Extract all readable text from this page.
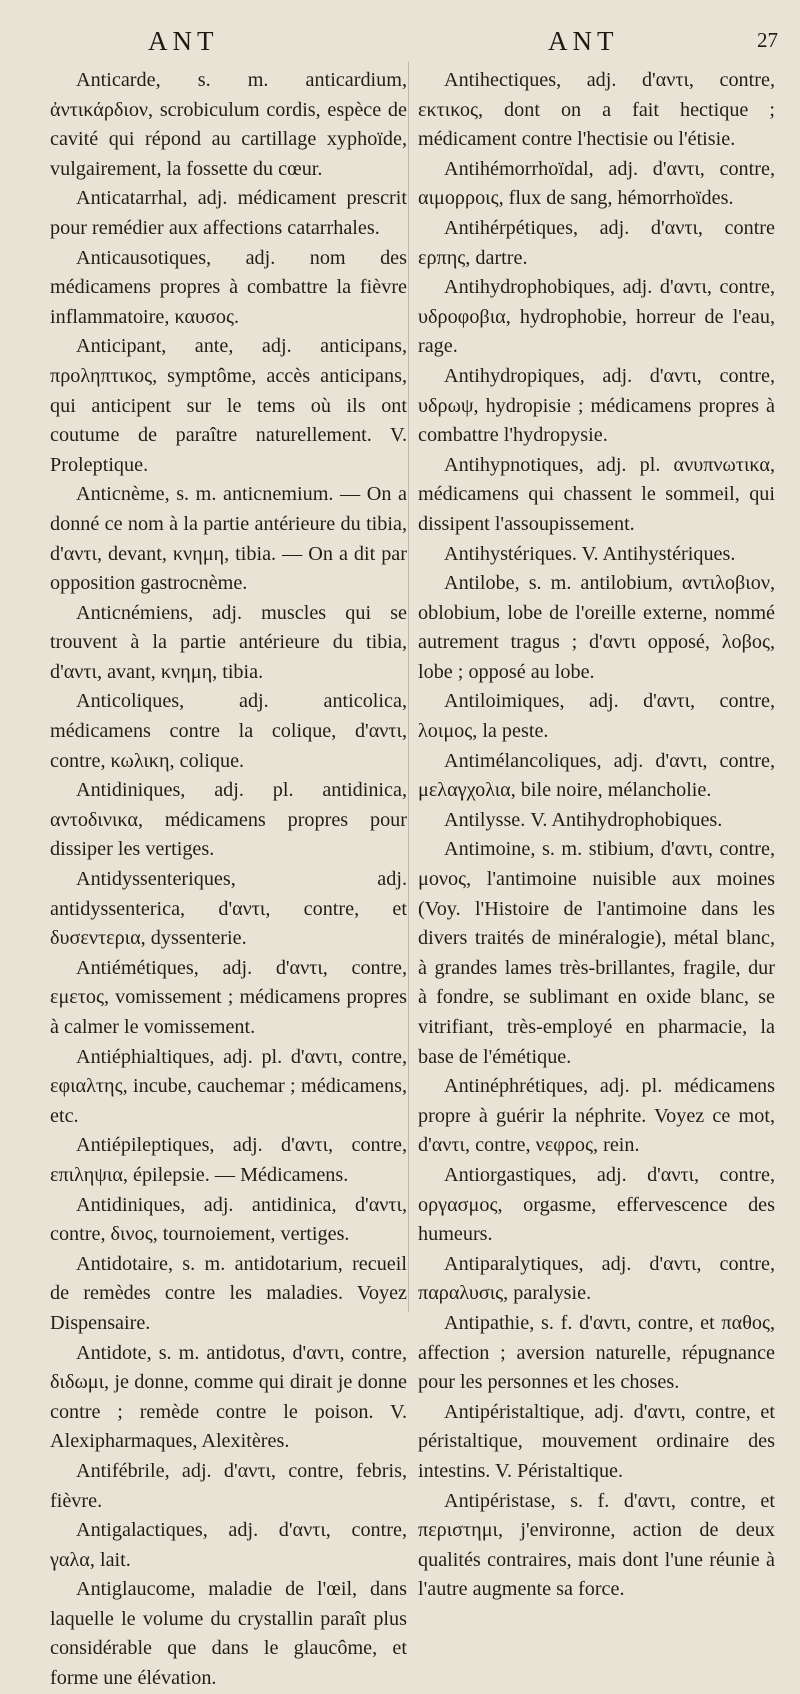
ANT	ANT	27

Anticarde, s. m. anticardium, ἀντικάρδιον, scrobiculum cordis, espèce de cavité qui répond au cartillage xyphoïde, vulgairement, la fossette du cœur.

Anticatarrhal, adj. médicament prescrit pour remédier aux affections catarrhales.

Anticausotiques, adj. nom des médicamens propres à combattre la fièvre inflammatoire, καυσος.

Anticipant, ante, adj. anticipans, προληπτικος, symptôme, accès anticipans, qui anticipent sur le tems où ils ont coutume de paraître naturellement. V. Proleptique.

Anticnème, s. m. anticnemium. — On a donné ce nom à la partie antérieure du tibia, d'αντι, devant, κνημη, tibia. — On a dit par opposition gastrocnème.

Anticnémiens, adj. muscles qui se trouvent à la partie antérieure du tibia, d'αντι, avant, κνημη, tibia.

Anticoliques, adj. anticolica, médicamens contre la colique, d'αντι, contre, κωλικη, colique.

Antidiniques, adj. pl. antidinica, αντοδινικα, médicamens propres pour dissiper les vertiges.

Antidyssenteriques, adj. antidyssenterica, d'αντι, contre, et δυσεντερια, dyssenterie.

Antiémétiques, adj. d'αντι, contre, εμετος, vomissement ; médicamens propres à calmer le vomissement.

Antiéphialtiques, adj. pl. d'αντι, contre, εφιαλτης, incube, cauchemar ; médicamens, etc.

Antiépileptiques, adj. d'αντι, contre, επιληψια, épilepsie. — Médicamens.

Antidiniques, adj. antidinica, d'αντι, contre, δινος, tournoiement, vertiges.

Antidotaire, s. m. antidotarium, recueil de remèdes contre les maladies. Voyez Dispensaire.

Antidote, s. m. antidotus, d'αντι, contre, διδωμι, je donne, comme qui dirait je donne contre ; remède contre le poison. V. Alexipharmaques, Alexitères.

Antifébrile, adj. d'αντι, contre, febris, fièvre.

Antigalactiques, adj. d'αντι, contre, γαλα, lait.

Antiglaucome, maladie de l'œil, dans laquelle le volume du crystallin paraît plus considérable que dans le glaucôme, et forme une élévation.

Antihectiques, adj. d'αντι, contre, εκτικος, dont on a fait hectique ; médicament contre l'hectisie ou l'étisie.

Antihémorrhoïdal, adj. d'αντι, contre, αιμορροις, flux de sang, hémorrhoïdes.

Antihérpétiques, adj. d'αντι, contre ερπης, dartre.

Antihydrophobiques, adj. d'αντι, contre, υδροφοβια, hydrophobie, horreur de l'eau, rage.

Antihydropiques, adj. d'αντι, contre, υδρωψ, hydropisie ; médicamens propres à combattre l'hydropysie.

Antihypnotiques, adj. pl. ανυπνωτικα, médicamens qui chassent le sommeil, qui dissipent l'assoupissement.

Antihystériques. V. Antihystériques.

Antilobe, s. m. antilobium, αντιλοβιον, oblobium, lobe de l'oreille externe, nommé autrement tragus ; d'αντι opposé, λοβος, lobe ; opposé au lobe.

Antiloimiques, adj. d'αντι, contre, λοιμος, la peste.

Antimélancoliques, adj. d'αντι, contre, μελαγχολια, bile noire, mélancholie.

Antilyssе. V. Antihydrophobiques.

Antimoine, s. m. stibium, d'αντι, contre, μονος, l'antimoine nuisible aux moines (Voy. l'Histoire de l'antimoine dans les divers traités de minéralogie), métal blanc, à grandes lames très-brillantes, fragile, dur à fondre, se sublimant en oxide blanc, se vitrifiant, très-employé en pharmacie, la base de l'émétique.

Antinéphrétiques, adj. pl. médicamens propre à guérir la néphrite. Voyez ce mot, d'αντι, contre, νεφρος, rein.

Antiorgastiques, adj. d'αντι, contre, οργασμος, orgasme, effervescence des humeurs.

Antiparalytiques, adj. d'αντι, contre, παραλυσις, paralysie.

Antipathie, s. f. d'αντι, contre, et παθος, affection ; aversion naturelle, répugnance pour les personnes et les choses.

Antipéristaltique, adj. d'αντι, contre, et péristaltique, mouvement ordinaire des intestins. V. Péristaltique.

Antipéristase, s. f. d'αντι, contre, et περιστημι, j'environne, action de deux qualités contraires, mais dont l'une réunie à l'autre augmente sa force.
